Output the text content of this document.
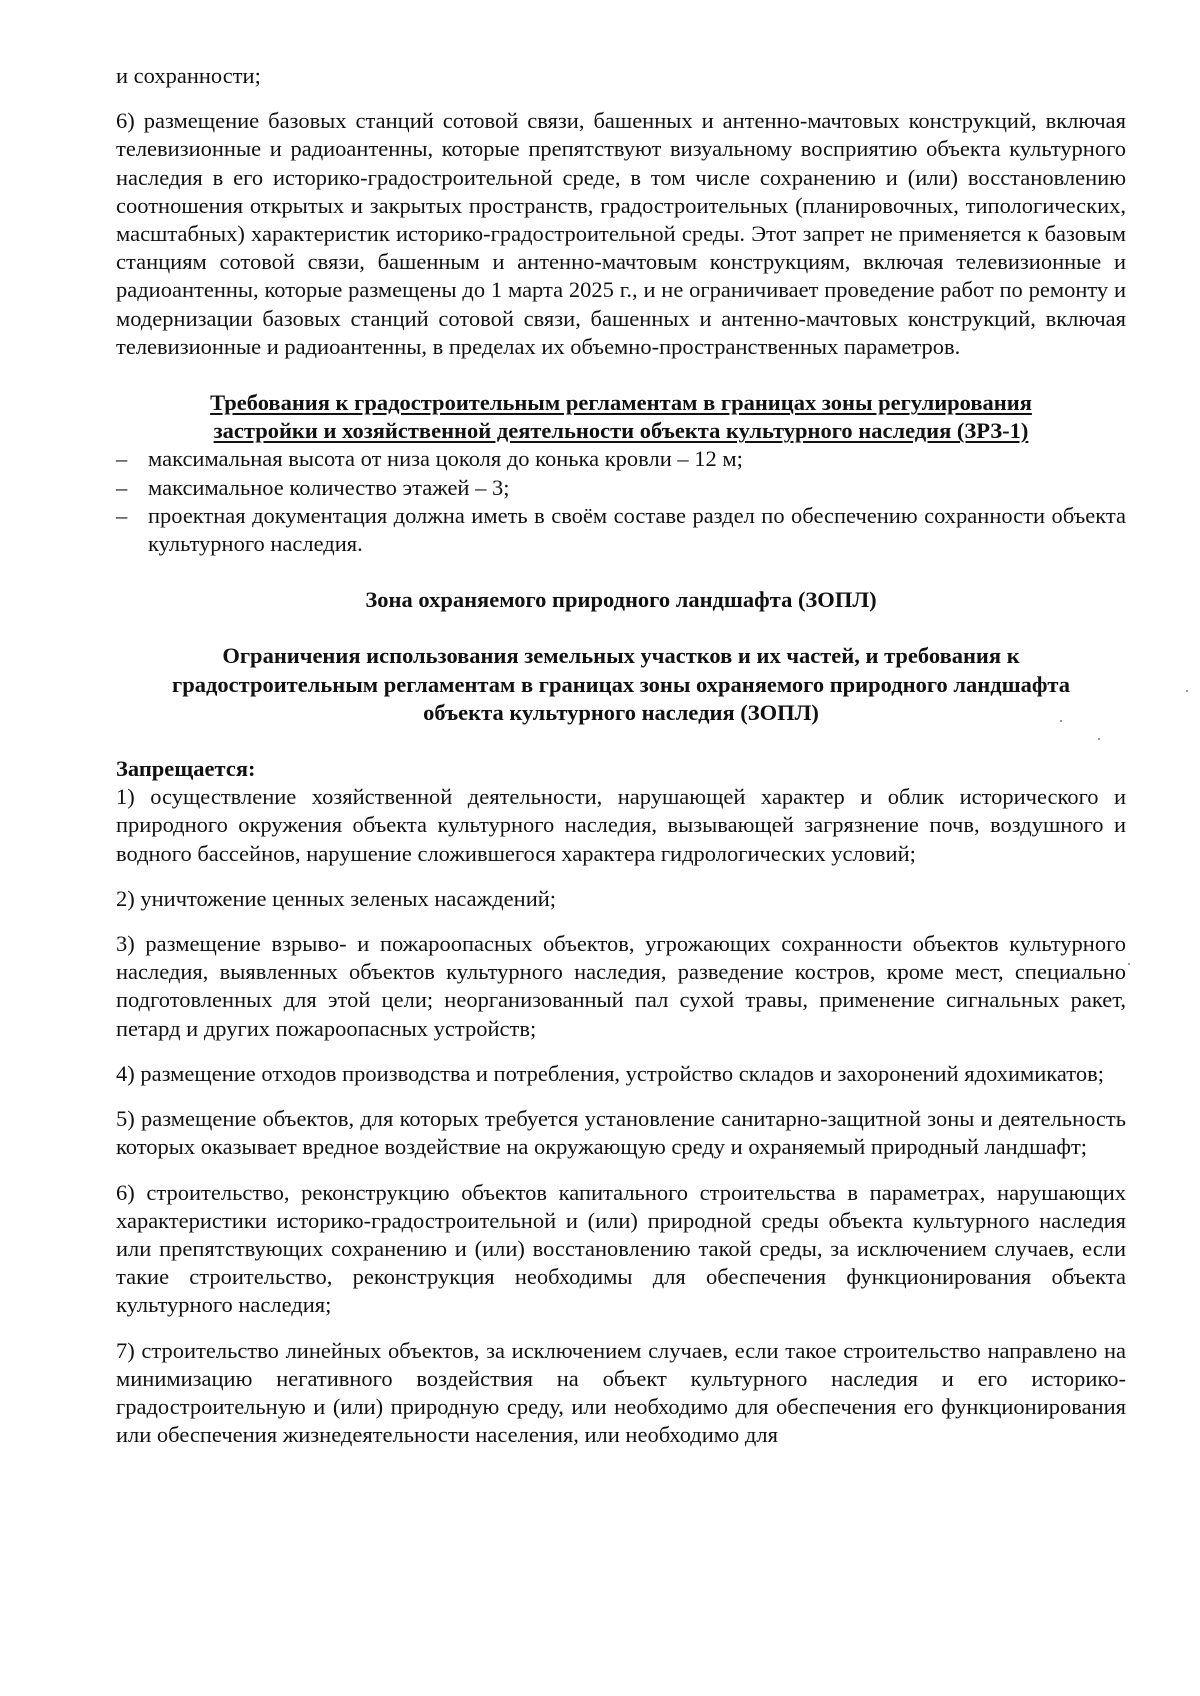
и сохранности;

6) размещение базовых станций сотовой связи, башенных и антенно-мачтовых конструкций, включая телевизионные и радиоантенны, которые препятствуют визуальному восприятию объекта культурного наследия в его историко-градостроительной среде, в том числе сохранению и (или) восстановлению соотношения открытых и закрытых пространств, градостроительных (планировочных, типологических, масштабных) характеристик историко-градостроительной среды. Этот запрет не применяется к базовым станциям сотовой связи, башенным и антенно-мачтовым конструкциям, включая телевизионные и радиоантенны, которые размещены до 1 марта 2025 г., и не ограничивает проведение работ по ремонту и модернизации базовых станций сотовой связи, башенных и антенно-мачтовых конструкций, включая телевизионные и радиоантенны, в пределах их объемно-пространственных параметров.

Требования к градостроительным регламентам в границах зоны регулирования
застройки и хозяйственной деятельности объекта культурного наследия (ЗРЗ-1)
– максимальная высота от низа цоколя до конька кровли – 12 м;
– максимальное количество этажей – 3;
– проектная документация должна иметь в своём составе раздел по обеспечению сохранности объекта культурного наследия.
Зона охраняемого природного ландшафта (ЗОПЛ)
Ограничения использования земельных участков и их частей, и требования к
градостроительным регламентам в границах зоны охраняемого природного ландшафта
объекта культурного наследия (ЗОПЛ)
Запрещается:

1) осуществление хозяйственной деятельности, нарушающей характер и облик исторического и природного окружения объекта культурного наследия, вызывающей загрязнение почв, воздушного и водного бассейнов, нарушение сложившегося характера гидрологических условий;

2) уничтожение ценных зеленых насаждений;

3) размещение взрыво- и пожароопасных объектов, угрожающих сохранности объектов культурного наследия, выявленных объектов культурного наследия, разведение костров, кроме мест, специально подготовленных для этой цели; неорганизованный пал сухой травы, применение сигнальных ракет, петард и других пожароопасных устройств;

4) размещение отходов производства и потребления, устройство складов и захоронений ядохимикатов;

5) размещение объектов, для которых требуется установление санитарно-защитной зоны и деятельность которых оказывает вредное воздействие на окружающую среду и охраняемый природный ландшафт;

6) строительство, реконструкцию объектов капитального строительства в параметрах, нарушающих характеристики историко-градостроительной и (или) природной среды объекта культурного наследия или препятствующих сохранению и (или) восстановлению такой среды, за исключением случаев, если такие строительство, реконструкция необходимы для обеспечения функционирования объекта культурного наследия;

7) строительство линейных объектов, за исключением случаев, если такое строительство направлено на минимизацию негативного воздействия на объект культурного наследия и его историко-градостроительную и (или) природную среду, или необходимо для обеспечения его функционирования или обеспечения жизнедеятельности населения, или необходимо для
